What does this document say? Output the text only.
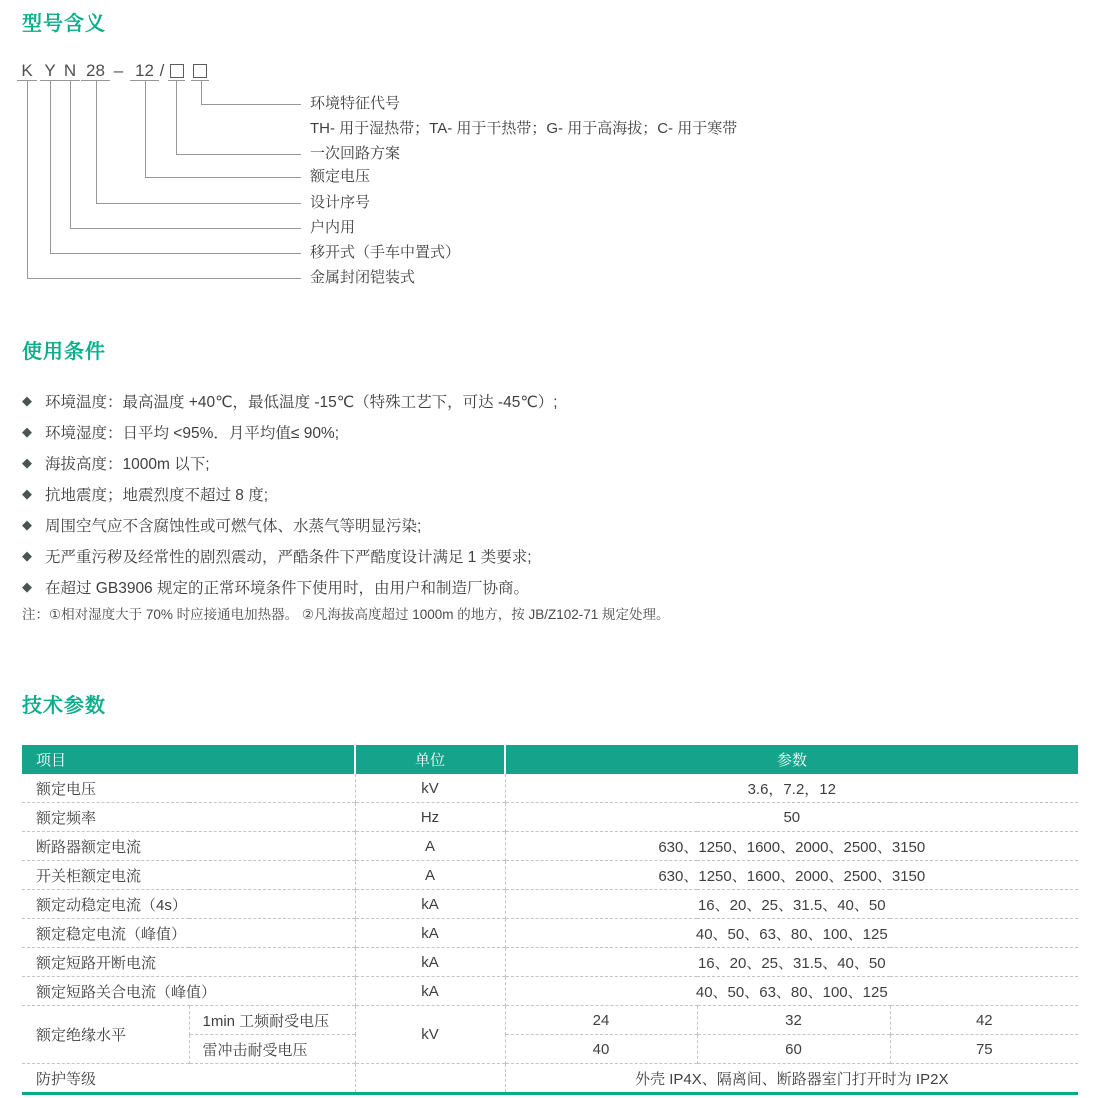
型号含义
K Y N 28 – 12 /
环境特征代号
TH- 用于湿热带；TA- 用于干热带；G- 用于高海拔；C- 用于寒带
一次回路方案
额定电压
设计序号
户内用
移开式（手车中置式）
金属封闭铠装式
使用条件
◆ 环境温度：最高温度 +40℃，最低温度 -15℃（特殊工艺下，可达 -45℃）;
◆ 环境湿度：日平均 <95%．月平均值≤ 90%;
◆ 海拔高度：1000m 以下;
◆ 抗地震度；地震烈度不超过 8 度;
◆ 周围空气应不含腐蚀性或可燃气体、水蒸气等明显污染;
◆ 无严重污秽及经常性的剧烈震动，严酷条件下严酷度设计满足 1 类要求;
◆ 在超过 GB3906 规定的正常环境条件下使用时，由用户和制造厂协商。
注：①相对湿度大于 70% 时应接通电加热器。 ②凡海拔高度超过 1000m 的地方，按 JB/Z102-71 规定处理。
技术参数
项目		单位	参数		
额定电压		kV	3.6，7.2，12		
额定频率		Hz	50		
断路器额定电流		A	630、1250、1600、2000、2500、3150		
开关柜额定电流		A	630、1250、1600、2000、2500、3150		
额定动稳定电流（4s）		kA	16、20、25、31.5、40、50		
额定稳定电流（峰值）		kA	40、50、63、80、100、125		
额定短路开断电流		kA	16、20、25、31.5、40、50		
额定短路关合电流（峰值）		kA	40、50、63、80、100、125		
额定绝缘水平	1min 工频耐受电压	kV	24	32	42
	雷冲击耐受电压		40	60	75
防护等级			外壳 IP4X、隔离间、断路器室门打开时为 IP2X		
